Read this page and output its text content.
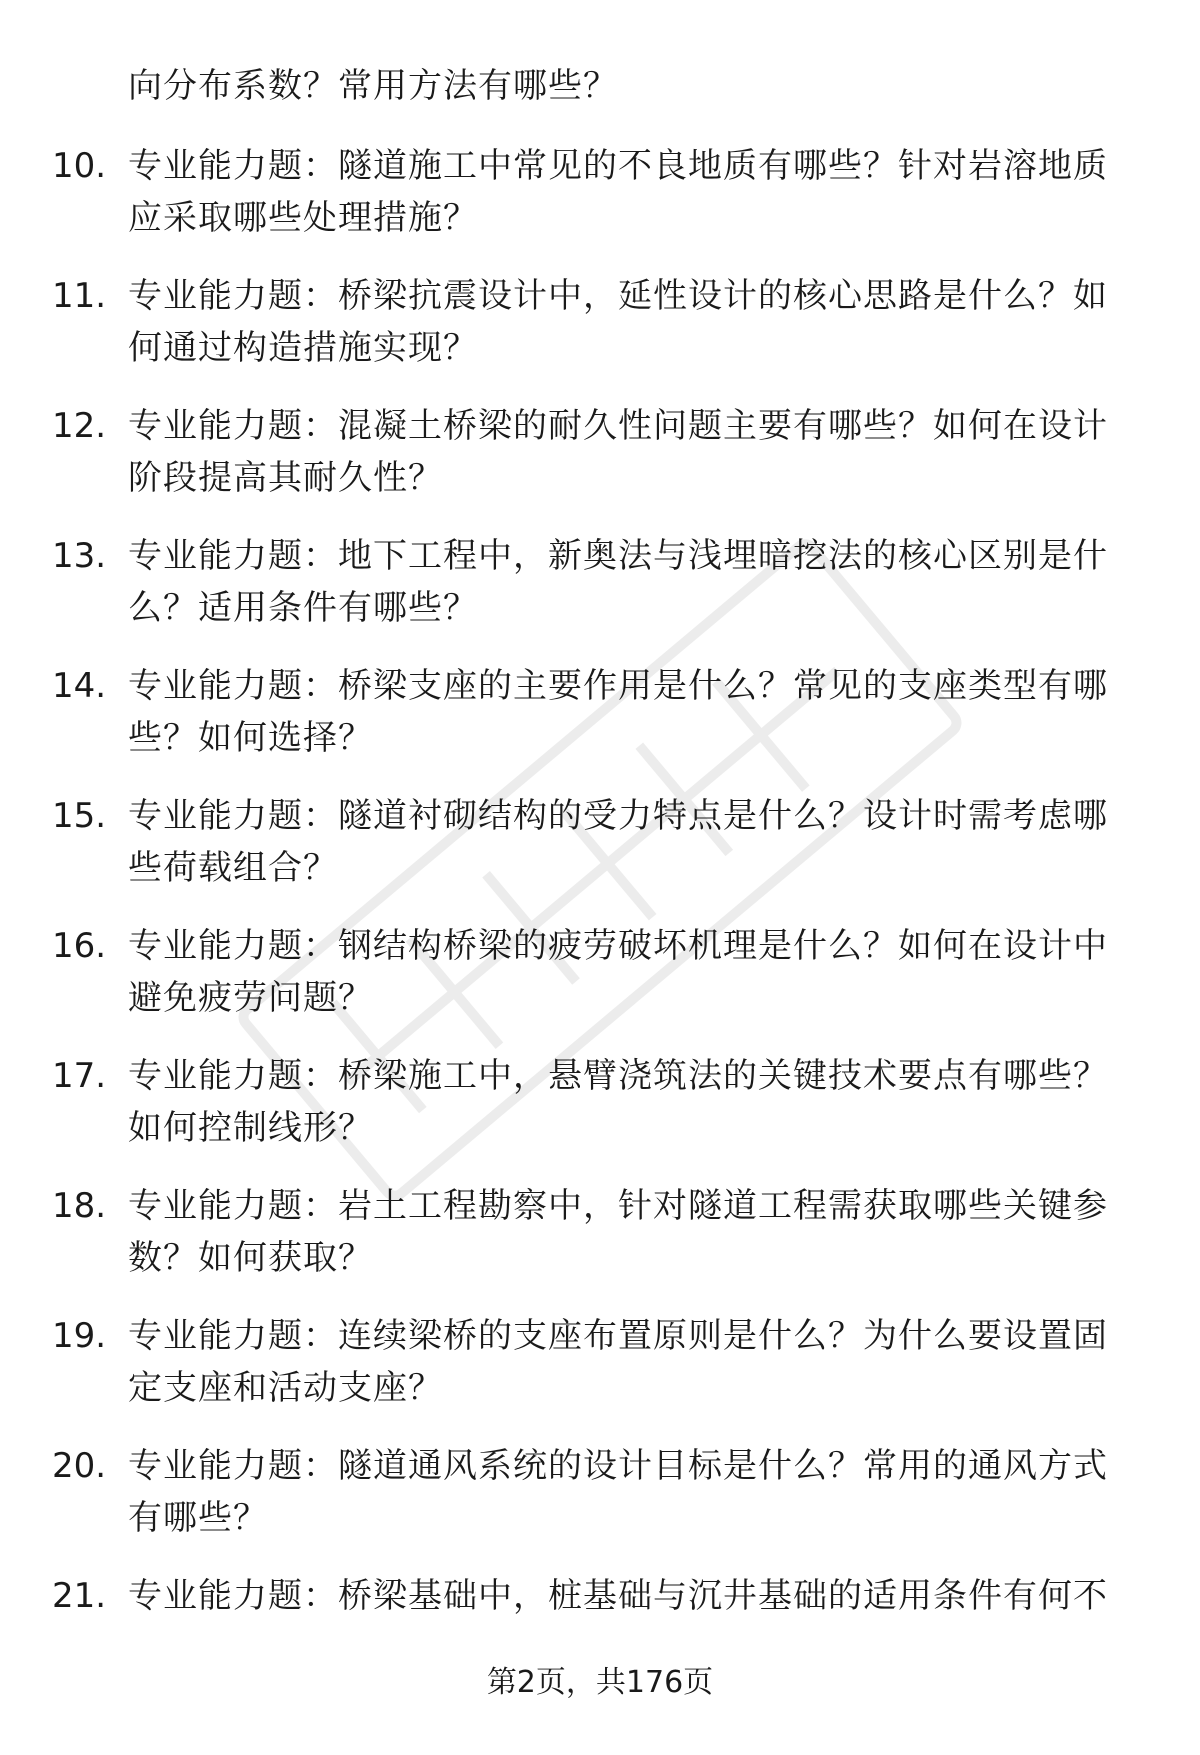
向分布系数？常用方法有哪些？

10. 专业能力题：隧道施工中常见的不良地质有哪些？针对岩溶地质
应采取哪些处理措施？
11. 专业能力题：桥梁抗震设计中，延性设计的核心思路是什么？如
何通过构造措施实现？
12. 专业能力题：混凝土桥梁的耐久性问题主要有哪些？如何在设计
阶段提高其耐久性？
13. 专业能力题：地下工程中，新奥法与浅埋暗挖法的核心区别是什
么？适用条件有哪些？
14. 专业能力题：桥梁支座的主要作用是什么？常见的支座类型有哪
些？如何选择？
15. 专业能力题：隧道衬砌结构的受力特点是什么？设计时需考虑哪
些荷载组合？
16. 专业能力题：钢结构桥梁的疲劳破坏机理是什么？如何在设计中
避免疲劳问题？
17. 专业能力题：桥梁施工中，悬臂浇筑法的关键技术要点有哪些？
如何控制线形？
18. 专业能力题：岩土工程勘察中，针对隧道工程需获取哪些关键参
数？如何获取？
19. 专业能力题：连续梁桥的支座布置原则是什么？为什么要设置固
定支座和活动支座？
20. 专业能力题：隧道通风系统的设计目标是什么？常用的通风方式
有哪些？
21. 专业能力题：桥梁基础中，桩基础与沉井基础的适用条件有何不
第2页，共176页
